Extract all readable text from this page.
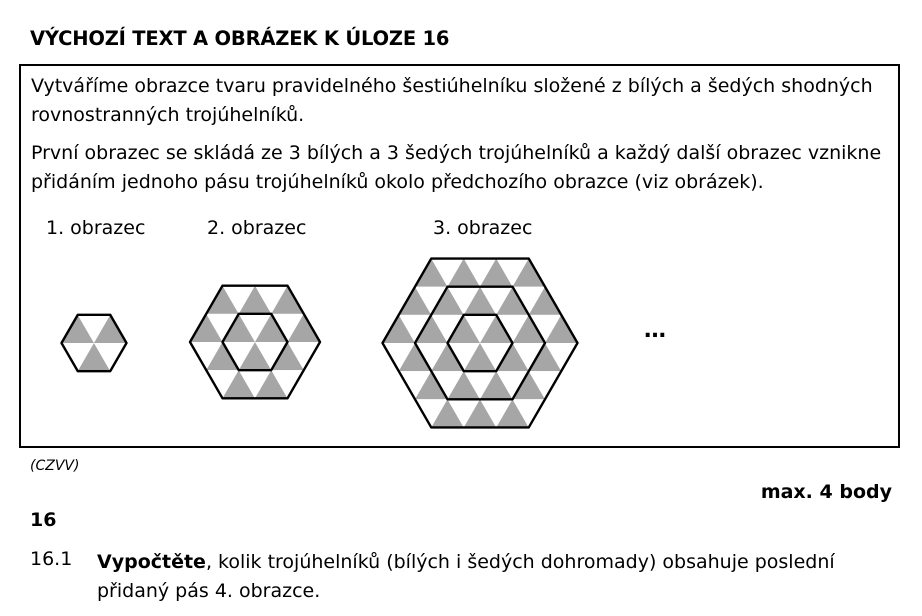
VÝCHOZÍ TEXT A OBRÁZEK K ÚLOZE 16

Vytváříme obrazce tvaru pravidelného šestiúhelníku složené z bílých a šedých shodných rovnostranných trojúhelníků.

První obrazec se skládá ze 3 bílých a 3 šedých trojúhelníků a každý další obrazec vznikne přidáním jednoho pásu trojúhelníků okolo předchozího obrazce (viz obrázek).

1. obrazec	2. obrazec	3. obrazec

…
(CZVV)
max. 4 body
16
16.1 Vypočtěte, kolik trojúhelníků (bílých i šedých dohromady) obsahuje poslední přidaný pás 4. obrazce.
